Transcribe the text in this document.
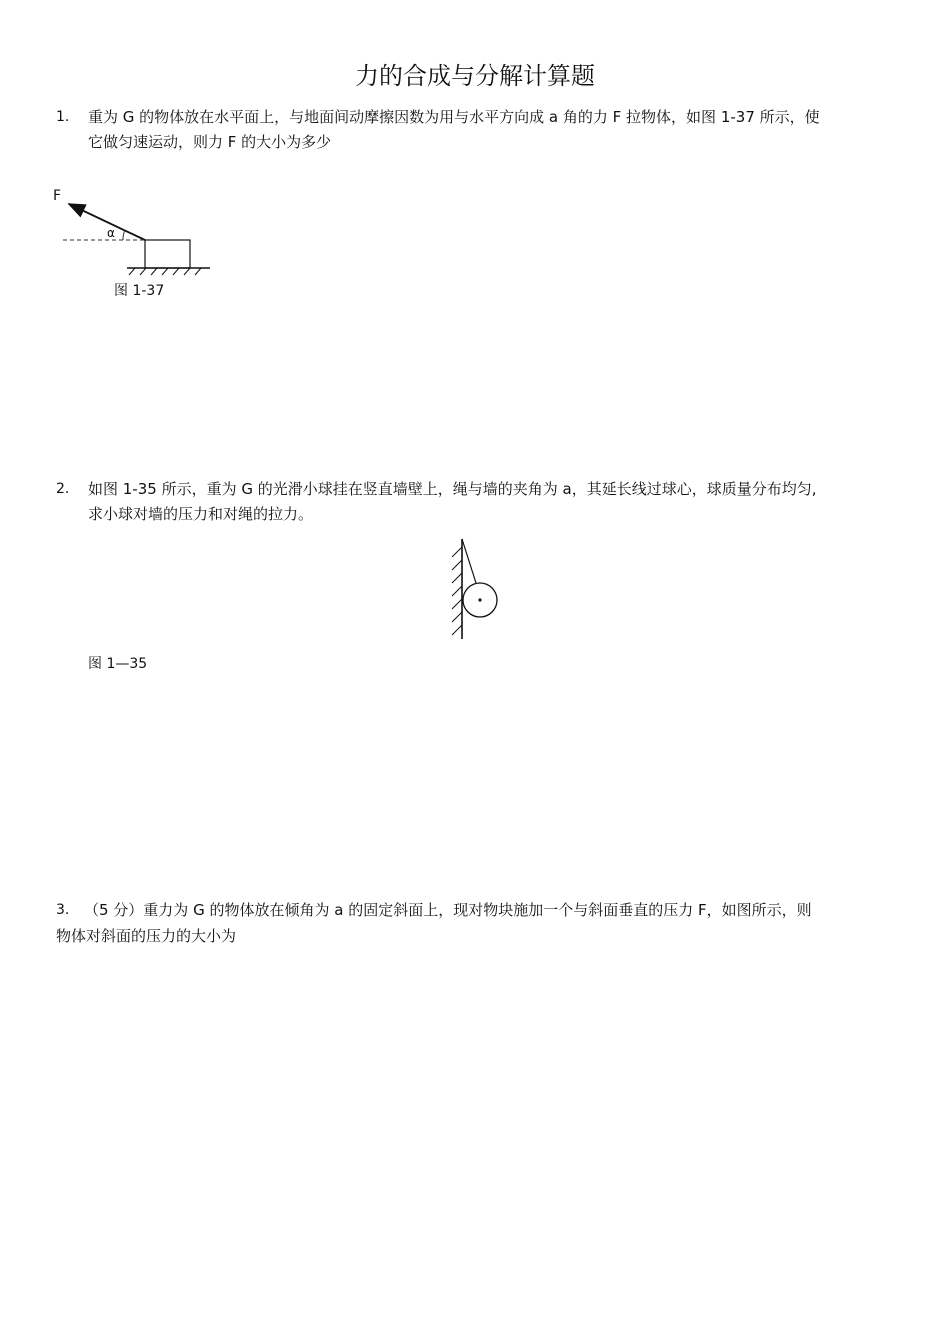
力的合成与分解计算题
1. 重为 G 的物体放在水平面上，与地面间动摩擦因数为用与水平方向成 a 角的力 F 拉物体，如图 1-37 所示，使
它做匀速运动，则力 F 的大小为多少
F
α
图 1-37
2. 如图 1-35 所示，重为 G 的光滑小球挂在竖直墙壁上，绳与墙的夹角为 a，其延长线过球心，球质量分布均匀,
求小球对墙的压力和对绳的拉力。
图 1—35
3. （5 分）重力为 G 的物体放在倾角为 a 的固定斜面上，现对物块施加一个与斜面垂直的压力 F，如图所示，则
物体对斜面的压力的大小为
